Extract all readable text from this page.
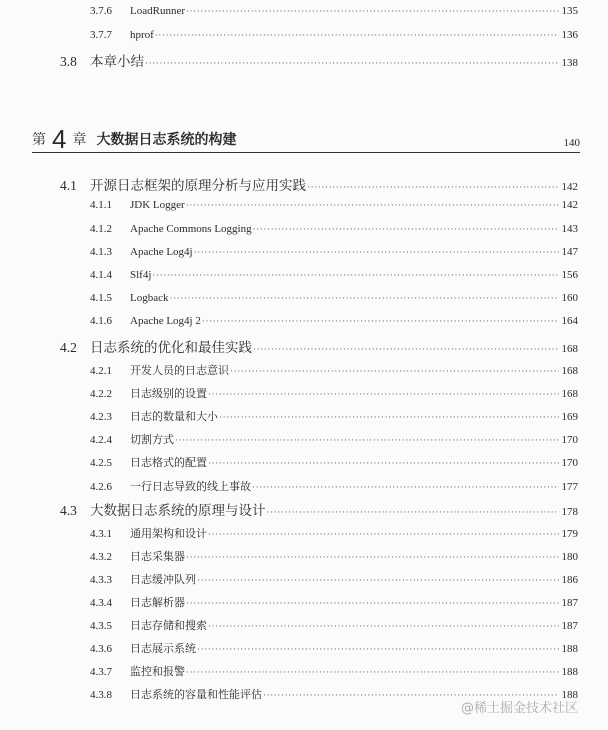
3.7.6	LoadRunner ·····	135
3.7.7	hprof ·····	136
3.8 本章小结 ·····	138
第 4 章 大数据日志系统的构建	140
4.1 开源日志框架的原理分析与应用实践 ·····	142
4.1.1	JDK Logger ·····	142
4.1.2	Apache Commons Logging ·····	143
4.1.3	Apache Log4j ·····	147
4.1.4	Slf4j ·····	156
4.1.5	Logback ·····	160
4.1.6	Apache Log4j 2 ·····	164
4.2 日志系统的优化和最佳实践 ·····	168
4.2.1	开发人员的日志意识 ·····	168
4.2.2	日志级别的设置 ·····	168
4.2.3	日志的数量和大小 ·····	169
4.2.4	切割方式 ·····	170
4.2.5	日志格式的配置 ·····	170
4.2.6	一行日志导致的线上事故 ·····	177
4.3 大数据日志系统的原理与设计 ·····	178
4.3.1	通用架构和设计 ·····	179
4.3.2	日志采集器 ·····	180
4.3.3	日志缓冲队列 ·····	186
4.3.4	日志解析器 ·····	187
4.3.5	日志存储和搜索 ·····	187
4.3.6	日志展示系统 ·····	188
4.3.7	监控和报警 ·····	188
4.3.8	日志系统的容量和性能评估 ·····	188
@稀土掘金技术社区
